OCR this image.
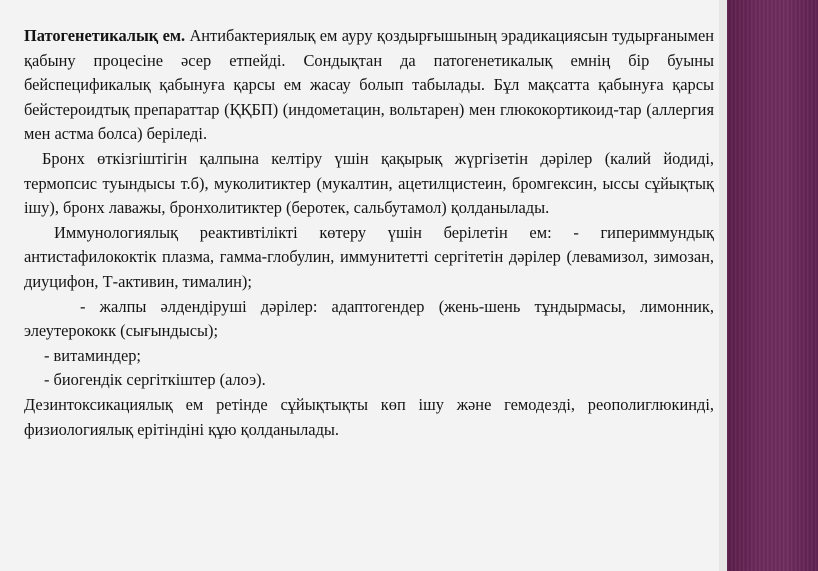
Патогенетикалық ем. Антибактериялық ем ауру қоздырғышының эрадикациясын тудырғанымен қабыну процесіне әсер етпейді. Сондықтан да патогенетикалық емнің бір буыны бейспецификалық қабынуға қарсы ем жасау болып табылады. Бұл мақсатта қабынуға қарсы бейстероидтық препараттар (ҚҚБП) (индометацин, вольтарен) мен глюкокортикоид-тар (аллергия мен астма болса) беріледі.

Бронх өткізгіштігін қалпына келтіру үшін қақырық жүргізетін дәрілер (калий йодиді, термопсис туындысы т.б), муколитиктер (мукалтин, ацетилцистеин, бромгексин, ыссы сұйықтық ішу), бронх лаважы, бронхолитиктер (беротек, сальбутамол) қолданылады.

Иммунологиялық реактивтілікті көтеру үшін берілетін ем: - гипериммундық антистафилококтік плазма, гамма-глобулин, иммунитетті сергітетін дәрілер (левамизол, зимозан, диуцифон, Т-активин, тималин);

- жалпы әлдендіруші дәрілер: адаптогендер (жень-шень тұндырмасы, лимонник, элеутерококк (сығындысы);

- витаминдер;

- биогендік сергіткіштер (алоэ).

Дезинтоксикациялық ем ретінде сұйықтықты көп ішу және гемодезді, реополиглюкинді, физиологиялық ерітіндіні құю қолданылады.
